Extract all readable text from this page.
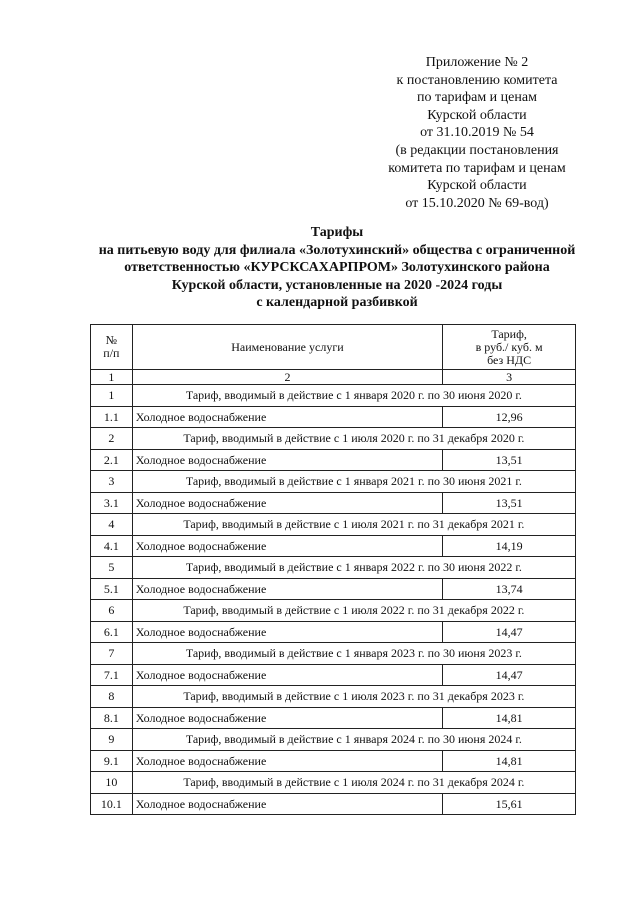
Приложение № 2
к постановлению комитета
по тарифам и ценам
Курской области
от 31.10.2019 № 54
(в редакции постановления
комитета по тарифам и ценам
Курской области
от 15.10.2020 № 69-вод)
Тарифы
на питьевую воду для филиала «Золотухинский» общества с ограниченной
ответственностью «КУРСКСАХАРПРОМ» Золотухинского района
Курской области, установленные на 2020 -2024 годы
с календарной разбивкой
№
п/п	Наименование услуги	Тариф,
в руб./ куб. м
без НДС
1	2	3
1	Тариф, вводимый в действие с 1 января 2020 г. по 30 июня 2020 г.	
1.1	Холодное водоснабжение	12,96
2	Тариф, вводимый в действие с 1 июля 2020 г. по 31 декабря 2020 г.	
2.1	Холодное водоснабжение	13,51
3	Тариф, вводимый в действие с 1 января 2021 г. по 30 июня 2021 г.	
3.1	Холодное водоснабжение	13,51
4	Тариф, вводимый в действие с 1 июля 2021 г. по 31 декабря 2021 г.	
4.1	Холодное водоснабжение	14,19
5	Тариф, вводимый в действие с 1 января 2022 г. по 30 июня 2022 г.	
5.1	Холодное водоснабжение	13,74
6	Тариф, вводимый в действие с 1 июля 2022 г. по 31 декабря 2022 г.	
6.1	Холодное водоснабжение	14,47
7	Тариф, вводимый в действие с 1 января 2023 г. по 30 июня 2023 г.	
7.1	Холодное водоснабжение	14,47
8	Тариф, вводимый в действие с 1 июля 2023 г. по 31 декабря 2023 г.	
8.1	Холодное водоснабжение	14,81
9	Тариф, вводимый в действие с 1 января 2024 г. по 30 июня 2024 г.	
9.1	Холодное водоснабжение	14,81
10	Тариф, вводимый в действие с 1 июля 2024 г. по 31 декабря 2024 г.	
10.1	Холодное водоснабжение	15,61
